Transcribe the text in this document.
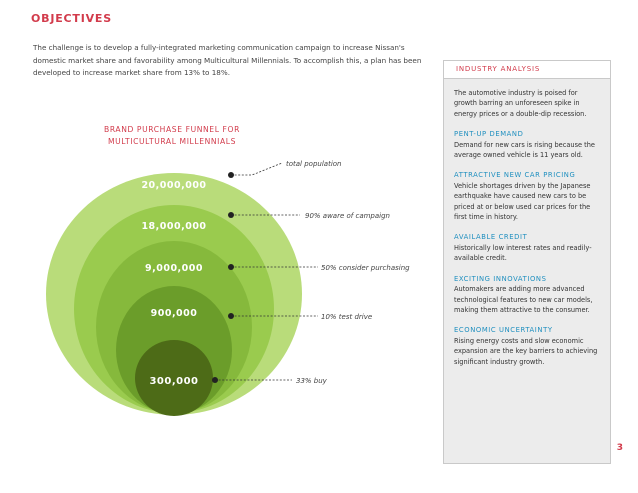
OBJECTIVES
The challenge is to develop a fully-integrated marketing communication campaign to increase Nissan's domestic market share and favorability among Multicultural Millennials. To accomplish this, a plan has been developed to increase market share from 13% to 18%.
BRAND PURCHASE FUNNEL FOR
MULTICULTURAL MILLENNIALS
20,000,000
18,000,000
9,000,000
900,000
300,000
total population
90% aware of campaign
50% consider purchasing
10% test drive
33% buy
INDUSTRY ANALYSIS

The automotive industry is poised for growth barring an unforeseen spike in energy prices or a double-dip recession.

PENT-UP DEMAND

Demand for new cars is rising because the average owned vehicle is 11 years old.

ATTRACTIVE NEW CAR PRICING

Vehicle shortages driven by the Japanese earthquake have caused new cars to be priced at or below used car prices for the first time in history.

AVAILABLE CREDIT

Historically low interest rates and readily-available credit.

EXCITING INNOVATIONS

Automakers are adding more advanced technological features to new car models, making them attractive to the consumer.

ECONOMIC UNCERTAINTY

Rising energy costs and slow economic expansion are the key barriers to achieving significant industry growth.

3
